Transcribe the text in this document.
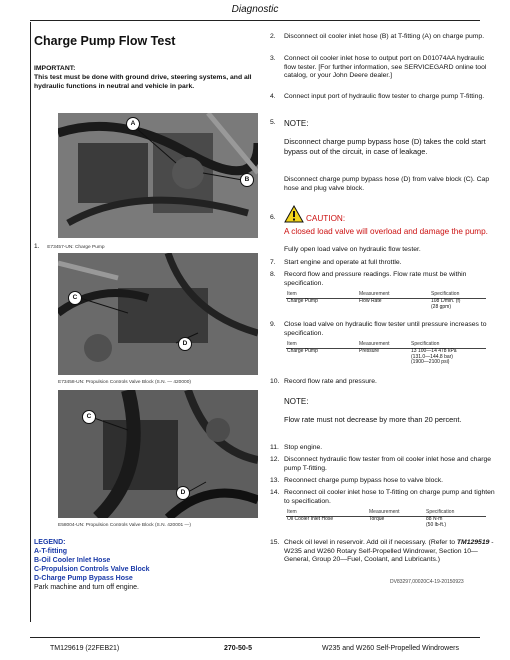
Diagnostic
Charge Pump Flow Test
IMPORTANT:
This test must be done with ground drive, steering systems, and all hydraulic functions in neutral and vehicle in park.
A
B
1. E73457-UN: Charge Pump
C
D
E73458-UN: Propulsion Controls Valve Block (S.N. — 420000)
C
D
E58004-UN: Propulsion Controls Valve Block (S.N. 420001 —)
LEGEND:
A-T-fitting
B-Oil Cooler Inlet Hose
C-Propulsion Controls Valve Block
D-Charge Pump Bypass Hose
Park machine and turn off engine.
2. Disconnect oil cooler inlet hose (B) at T-fitting (A) on charge pump.
3. Connect oil cooler inlet hose to output port on D01074AA hydraulic flow tester. [For further information, see SERVICEGARD online tool catalog, or your John Deere dealer.]
4. Connect input port of hydraulic flow tester to charge pump T-fitting.
5. NOTE:
Disconnect charge pump bypass hose (D) takes the cold start bypass out of the circuit, in case of leakage.
Disconnect charge pump bypass hose (D) from valve block (C). Cap hose and plug valve block.
6.	CAUTION:
A closed load valve will overload and damage the pump.
Fully open load valve on hydraulic flow tester.
7. Start engine and operate at full throttle.
8. Record flow and pressure readings. Flow rate must be within specification.
Item	Measurement	Specification
Charge Pump	Flow Rate	108 L/min. (f)
(28 gpm)
9. Close load valve on hydraulic flow tester until pressure increases to specification.
Item	Measurement	Specification
Charge Pump	Pressure	13 100—14 478 kPa
(131.0—144.8 bar)
(1900—2100 psi)
10. Record flow rate and pressure.
NOTE:
Flow rate must not decrease by more than 20 percent.
11. Stop engine.
12. Disconnect hydraulic flow tester from oil cooler inlet hose and charge pump T-fitting.
13. Reconnect charge pump bypass hose to valve block.
14. Reconnect oil cooler inlet hose to T-fitting on charge pump and tighten to specification.
Item	Measurement	Specification
Oil Cooler Inlet Hose	Torque	88 N·m
(50 lb-ft.)
15. Check oil level in reservoir. Add oil if necessary. (Refer to TM129519 - W235 and W260 Rotary Self-Propelled Windrower, Section 10—General, Group 20—Fuel, Coolant, and Lubricants.)
DV83297,00020C4-19-20150923
TM129619 (22FEB21)	270-50-5	W235 and W260 Self-Propelled Windrowers
